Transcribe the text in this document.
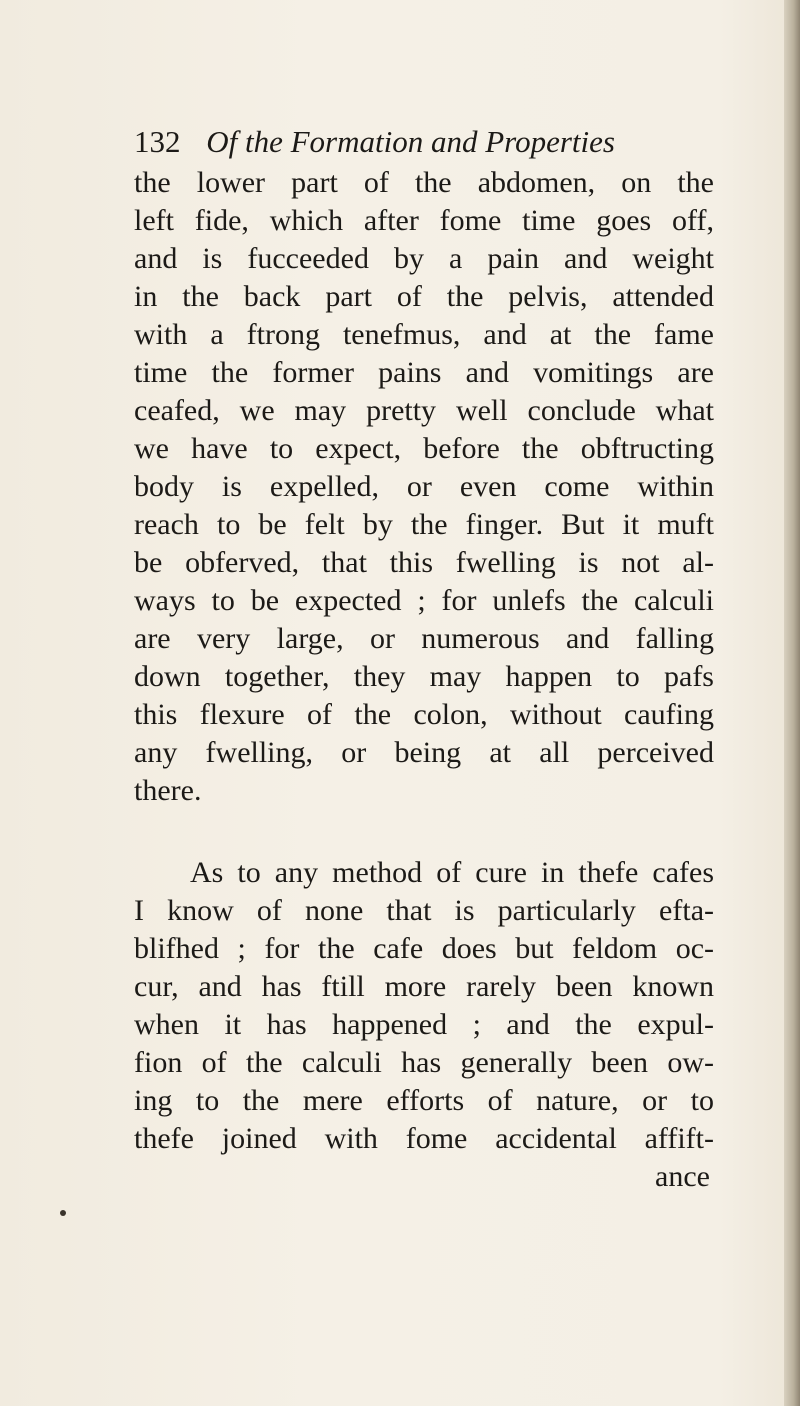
132 Of the Formation and Properties
the lower part of the abdomen, on the
left fide, which after fome time goes off,
and is fucceeded by a pain and weight
in the back part of the pelvis, attended
with a ftrong tenefmus, and at the fame
time the former pains and vomitings are
ceafed, we may pretty well conclude what
we have to expect, before the obftructing
body is expelled, or even come within
reach to be felt by the finger. But it muft
be obferved, that this fwelling is not al-
ways to be expected ; for unlefs the calculi
are very large, or numerous and falling
down together, they may happen to pafs
this flexure of the colon, without caufing
any fwelling, or being at all perceived
there.
As to any method of cure in thefe cafes
I know of none that is particularly efta-
blifhed ; for the cafe does but feldom oc-
cur, and has ftill more rarely been known
when it has happened ; and the expul-
fion of the calculi has generally been ow-
ing to the mere efforts of nature, or to
thefe joined with fome accidental affift-
ance
